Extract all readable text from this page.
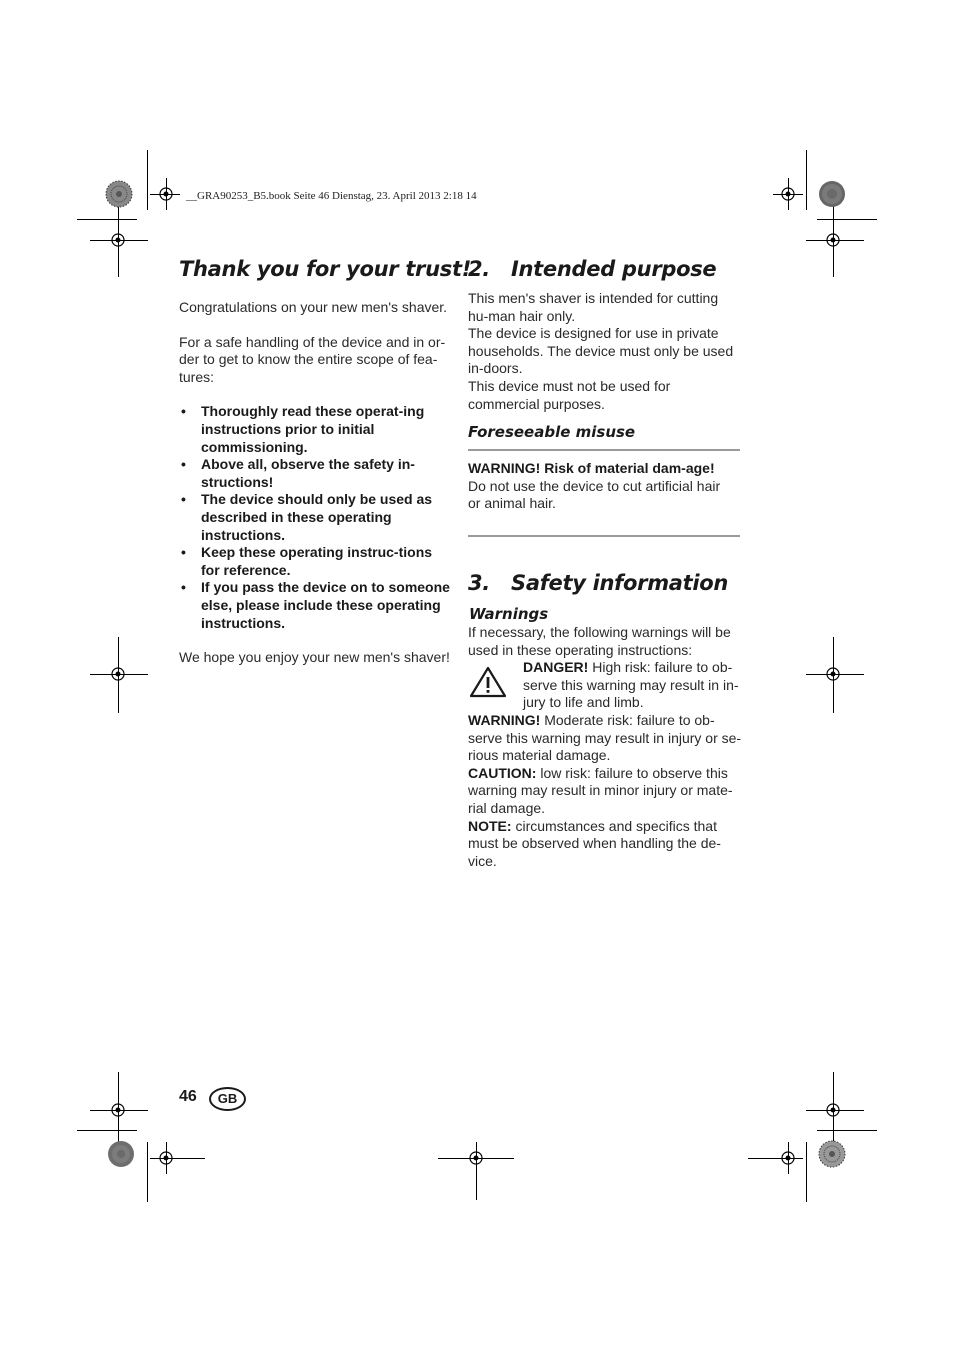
__GRA90253_B5.book Seite 46 Dienstag, 23. April 2013 2:18 14
Thank you for your trust!

Congratulations on your new men's shaver.

For a safe handling of the device and in or-der to get to know the entire scope of fea-tures:

• Thoroughly read these operat-ing instructions prior to initial commissioning.
• Above all, observe the safety in-structions!
• The device should only be used as described in these operating instructions.
• Keep these operating instruc-tions for reference.
• If you pass the device on to someone else, please include these operating instructions.

We hope you enjoy your new men's shaver!

2.   Intended purpose

This men's shaver is intended for cutting hu-man hair only.

The device is designed for use in private households. The device must only be used in-doors.

This device must not be used for commercial purposes.

Foreseeable misuse

WARNING! Risk of material dam-age!

Do not use the device to cut artificial hair or animal hair.

3.   Safety information
Warnings

If necessary, the following warnings will be used in these operating instructions:

DANGER! High risk: failure to ob-serve this warning may result in in-jury to life and limb.

WARNING! Moderate risk: failure to ob-serve this warning may result in injury or se-rious material damage.

CAUTION: low risk: failure to observe this warning may result in minor injury or mate-rial damage.

NOTE: circumstances and specifics that must be observed when handling the de-vice.

46	GB
